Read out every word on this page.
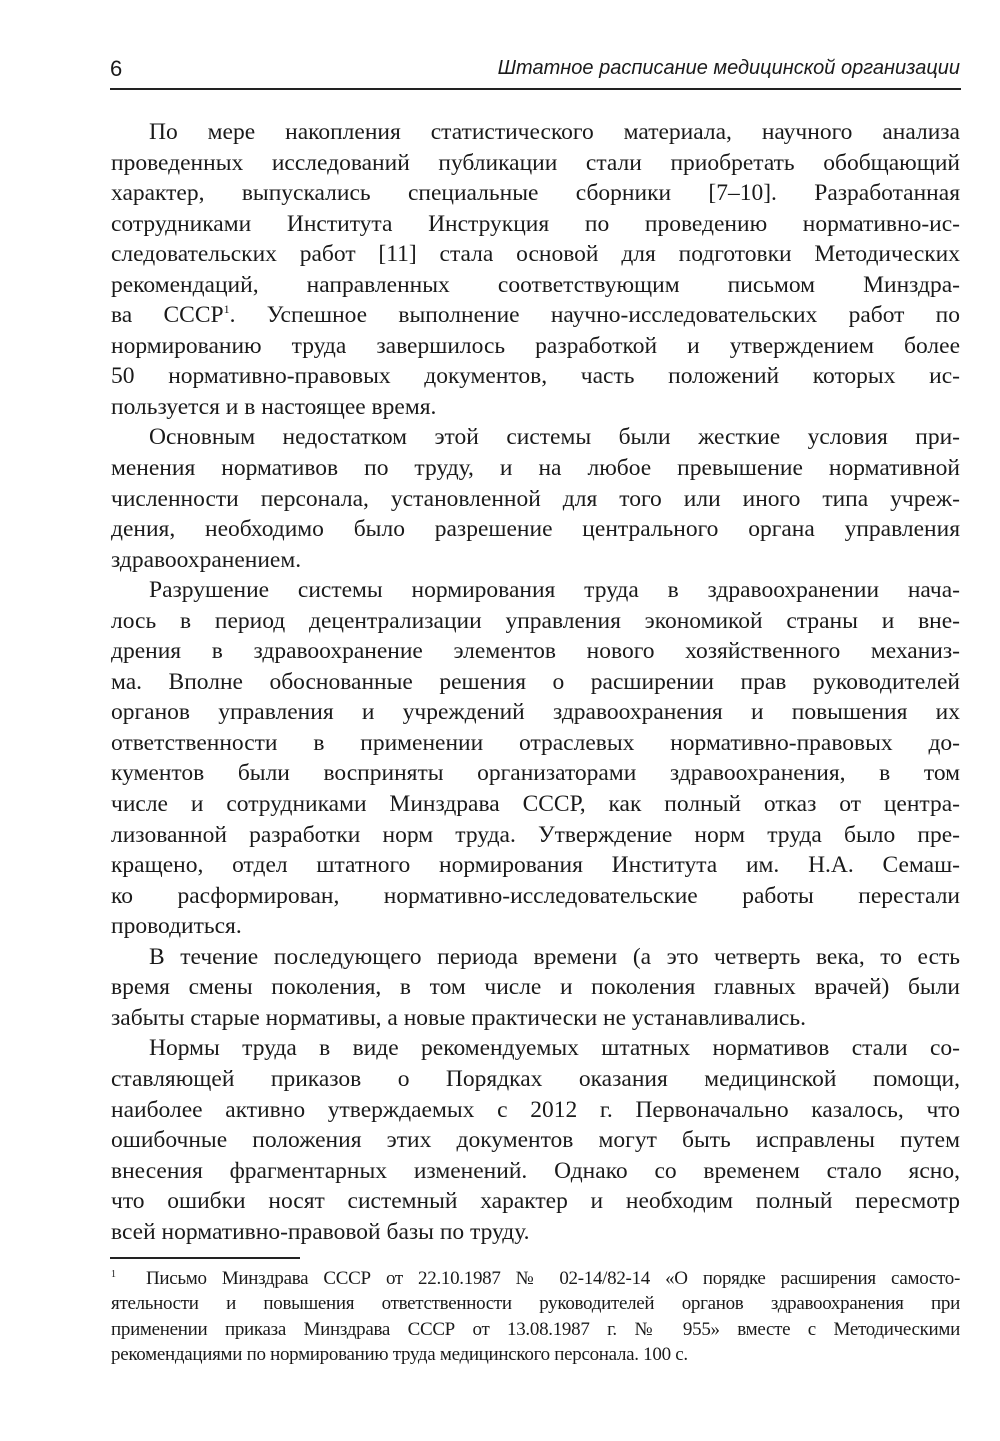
6	Штатное расписание медицинской организации
По мере накопления статистического материала, научного анализа
проведенных исследований публикации стали приобретать обобщающий
характер, выпускались специальные сборники [7–10]. Разработанная
сотрудниками Института Инструкция по проведению нормативно-ис-
следовательских работ [11] стала основой для подготовки Методических
рекомендаций, направленных соответствующим письмом Минздра-
ва СССР$^1$. Успешное выполнение научно-исследовательских работ по
нормированию труда завершилось разработкой и утверждением более
50 нормативно-правовых документов, часть положений которых ис-
пользуется и в настоящее время.
Основным недостатком этой системы были жесткие условия при-
менения нормативов по труду, и на любое превышение нормативной
численности персонала, установленной для того или иного типа учреж-
дения, необходимо было разрешение центрального органа управления
здравоохранением.
Разрушение системы нормирования труда в здравоохранении нача-
лось в период децентрализации управления экономикой страны и вне-
дрения в здравоохранение элементов нового хозяйственного механиз-
ма. Вполне обоснованные решения о расширении прав руководителей
органов управления и учреждений здравоохранения и повышения их
ответственности в применении отраслевых нормативно-правовых до-
кументов были восприняты организаторами здравоохранения, в том
числе и сотрудниками Минздрава СССР, как полный отказ от центра-
лизованной разработки норм труда. Утверждение норм труда было пре-
кращено, отдел штатного нормирования Института им. Н.А. Семаш-
ко расформирован, нормативно-исследовательские работы перестали
проводиться.
В течение последующего периода времени (а это четверть века, то есть
время смены поколения, в том числе и поколения главных врачей) были
забыты старые нормативы, а новые практически не устанавливались.
Нормы труда в виде рекомендуемых штатных нормативов стали со-
ставляющей приказов о Порядках оказания медицинской помощи,
наиболее активно утверждаемых с 2012 г. Первоначально казалось, что
ошибочные положения этих документов могут быть исправлены путем
внесения фрагментарных изменений. Однако со временем стало ясно,
что ошибки носят системный характер и необходим полный пересмотр
всей нормативно-правовой базы по труду.
$^1$  Письмо Минздрава СССР от 22.10.1987 № 02-14/82-14 «О порядке расширения самосто-
ятельности и повышения ответственности руководителей органов здравоохранения при
применении приказа Минздрава СССР от 13.08.1987 г. № 955» вместе с Методическими
рекомендациями по нормированию труда медицинского персонала. 100 с.
